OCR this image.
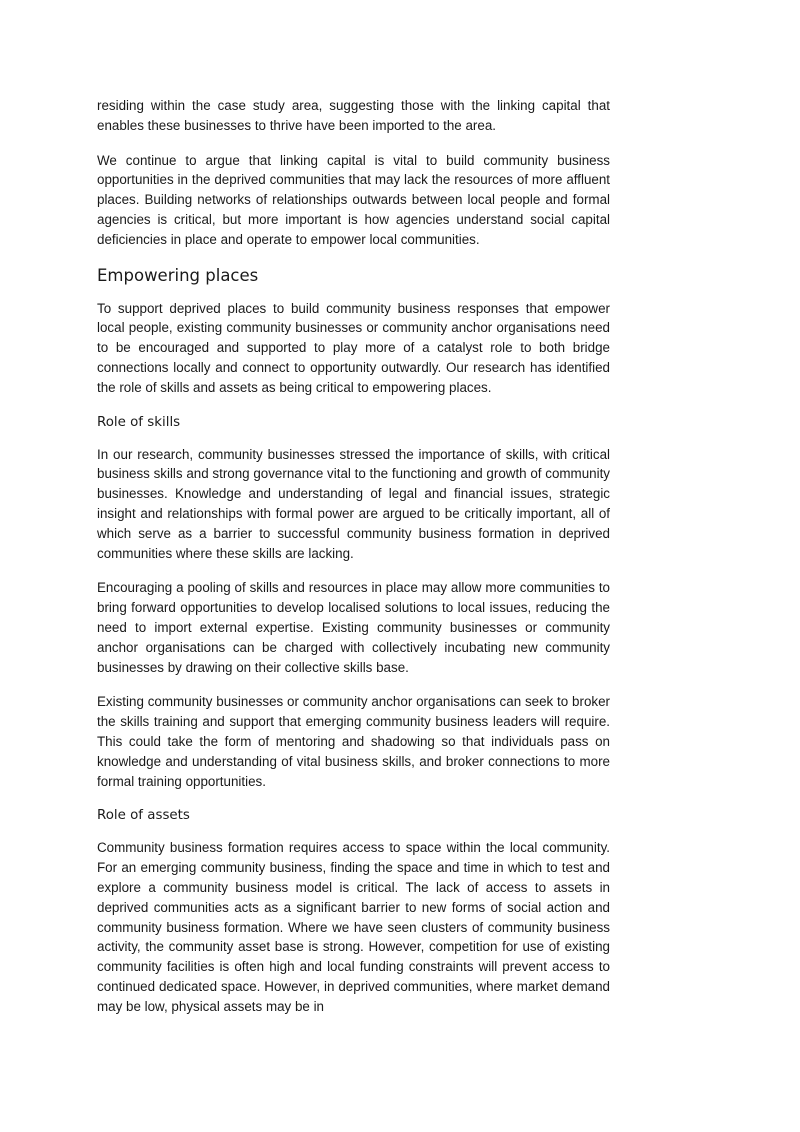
residing within the case study area, suggesting those with the linking capital that enables these businesses to thrive have been imported to the area.

We continue to argue that linking capital is vital to build community business opportunities in the deprived communities that may lack the resources of more affluent places. Building networks of relationships outwards between local people and formal agencies is critical, but more important is how agencies understand social capital deficiencies in place and operate to empower local communities.

Empowering places

To support deprived places to build community business responses that empower local people, existing community businesses or community anchor organisations need to be encouraged and supported to play more of a catalyst role to both bridge connections locally and connect to opportunity outwardly. Our research has identified the role of skills and assets as being critical to empowering places.

Role of skills

In our research, community businesses stressed the importance of skills, with critical business skills and strong governance vital to the functioning and growth of community businesses. Knowledge and understanding of legal and financial issues, strategic insight and relationships with formal power are argued to be critically important, all of which serve as a barrier to successful community business formation in deprived communities where these skills are lacking.

Encouraging a pooling of skills and resources in place may allow more communities to bring forward opportunities to develop localised solutions to local issues, reducing the need to import external expertise. Existing community businesses or community anchor organisations can be charged with collectively incubating new community businesses by drawing on their collective skills base.

Existing community businesses or community anchor organisations can seek to broker the skills training and support that emerging community business leaders will require. This could take the form of mentoring and shadowing so that individuals pass on knowledge and understanding of vital business skills, and broker connections to more formal training opportunities.

Role of assets

Community business formation requires access to space within the local community. For an emerging community business, finding the space and time in which to test and explore a community business model is critical. The lack of access to assets in deprived communities acts as a significant barrier to new forms of social action and community business formation. Where we have seen clusters of community business activity, the community asset base is strong. However, competition for use of existing community facilities is often high and local funding constraints will prevent access to continued dedicated space. However, in deprived communities, where market demand may be low, physical assets may be in
